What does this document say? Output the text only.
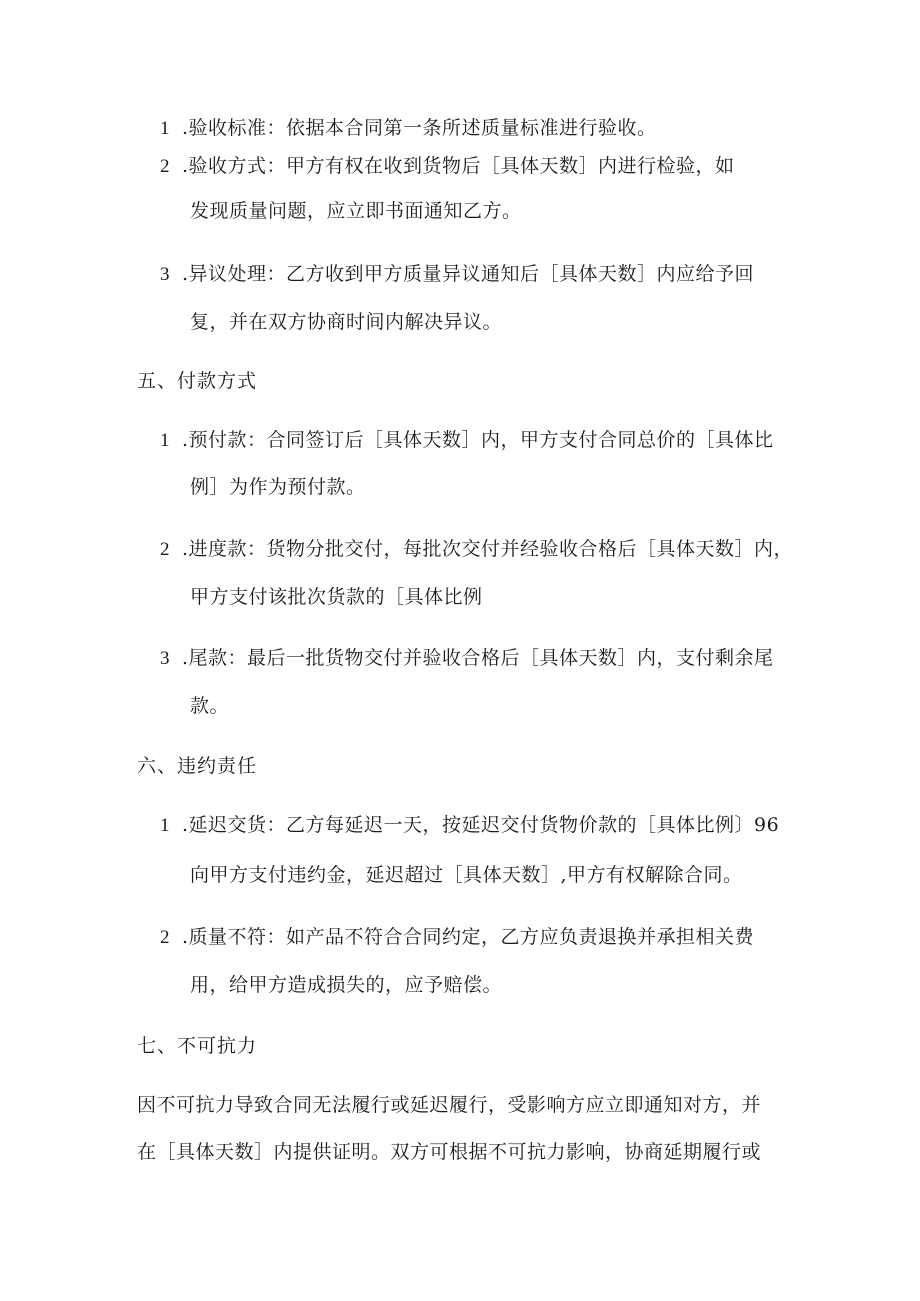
1 .验收标准：依据本合同第一条所述质量标准进行验收。
2 .验收方式：甲方有权在收到货物后［具体天数］内进行检验，如
发现质量问题，应立即书面通知乙方。
3 .异议处理：乙方收到甲方质量异议通知后［具体天数］内应给予回
复，并在双方协商时间内解决异议。
五、付款方式
1 .预付款：合同签订后［具体天数］内，甲方支付合同总价的［具体比
例］为作为预付款。
2 .进度款：货物分批交付，每批次交付并经验收合格后［具体天数］内，
甲方支付该批次货款的［具体比例
3 .尾款：最后一批货物交付并验收合格后［具体天数］内，支付剩余尾
款。
六、违约责任
1 .延迟交货：乙方每延迟一天，按延迟交付货物价款的［具体比例〕96
向甲方支付违约金，延迟超过［具体天数］,甲方有权解除合同。
2 .质量不符：如产品不符合合同约定，乙方应负责退换并承担相关费
用，给甲方造成损失的，应予赔偿。
七、不可抗力
因不可抗力导致合同无法履行或延迟履行，受影响方应立即通知对方，并
在［具体天数］内提供证明。双方可根据不可抗力影响，协商延期履行或
